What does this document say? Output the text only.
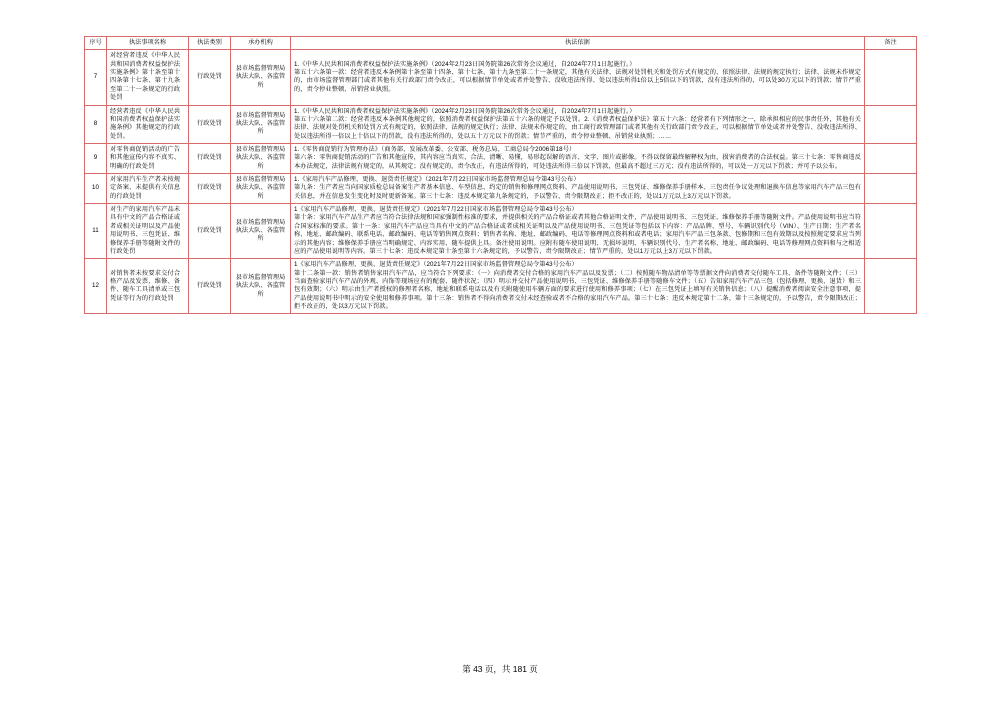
序号	执法事项名称	执法类别	承办机构	执法依据	备注
7	对经营者违反《中华人民共和国消费者权益保护法实施条例》第十条至第十四条第十七条、第十九条至第二十一条规定的行政处罚	行政处罚	县市场监督管理局执法大队、各监管所	1.《中华人民共和国消费者权益保护法实施条例》（2024年2月23日国务院第26次常务会议通过，自2024年7月1日起施行。）

第五十六条第一款：经营者违反本条例第十条至第十四条、第十七条、第十九条至第二十一条规定，其他有关法律、法规对处罚机关和处罚方式有规定的，依照法律、法规的规定执行；法律、法规未作规定的，由市场监督管理部门或者其他有关行政部门责令改正，可以根据情节单处或者并处警告、没收违法所得、处以违法所得1倍以上5倍以下的罚款，没有违法所得的，可以处30万元以下的罚款；情节严重的，责令停业整顿、吊销营业执照。	

8	经营者违反《中华人民共和国消费者权益保护法实施条例》其他规定的行政处罚。	行政处罚	县市场监督管理局执法大队、各监管所	1.《中华人民共和国消费者权益保护法实施条例》（2024年2月23日国务院第26次常务会议通过，自2024年7月1日起施行。）

第五十六条第二款：经营者违反本条例其他规定的，依照消费者权益保护法第五十六条的规定予以处罚。2.《消费者权益保护法》第五十六条：经营者有下列情形之一，除承担相应的民事责任外，其他有关法律、法规对处罚机关和处罚方式有规定的，依照法律、法规的规定执行；法律、法规未作规定的，由工商行政管理部门或者其他有关行政部门责令改正，可以根据情节单处或者并处警告、没收违法所得、处以违法所得一倍以上十倍以下的罚款，没有违法所得的，处以五十万元以下的罚款；情节严重的，责令停业整顿、吊销营业执照；……	

9	对零售商促销活动的广告和其他宣传内容不真实、明确的行政处罚	行政处罚	县市场监督管理局执法大队、各监管所	1.《零售商促销行为管理办法》（商务部、发展改革委、公安部、税务总局、工商总局令2006第18号）

第六条：零售商促销活动的广告和其他宣传，其内容应当真实、合法、清晰、易懂，易形起误解的语言、文字、图片或影像。不得以保留最终解释权为由，损害消费者的合法权益。第三十七条：零售商违反本办法规定，法律法规有规定的，从其规定；没有规定的，责令改正，有违法所得的，可处违法所得三倍以下罚款，但最高不超过三万元；没有违法所得的，可以处一万元以下罚款；并可予以公布。	

10	对家用汽车生产者未按规定备案、未提供有关信息的行政处罚	行政处罚	县市场监督管理局执法大队、各监管所	1.《家用汽车产品修理、更换、退货责任规定》（2021年7月22日国家市场监督管理总局令第43号公布）

第九条：生产者应当向国家质检总局备案生产者基本信息、车型信息、约定的销售和修理网点资料、产品使用说明书、三包凭证、维修保养手册样本、三包责任争议处理和退换车信息等家用汽车产品三包有关信息，并在信息发生变化时及时更新备案。第三十七条：违反本规定第九条规定的，予以警告，责令限期改正；拒不改正的，处以1万元以上3万元以下罚款。	

11	对生产的家用汽车产品未具有中文的产品合格证或者成相关证明以及产品使用说明书、三包凭证、维修保养手册等随附文件的行政处罚	行政处罚	县市场监督管理局执法大队、各监管所	1《家用汽车产品修理、更换、退货责任规定》（2021年7月22日国家市场监督管理总局令第43号公布）

第十条：家用汽车产品生产者应当符合法律法规和国家强制性标准的要求，并提供相关的产品合格证或者其他合格证明文件，产品使用说明书、三包凭证、维修保养手册等随附文件。产品使用说明书应当符合国家标准的要求。第十一条：家用汽车产品应当具有中文的产品合格证或者成相关证明以及产品使用说明书、三包凭证等包括以下内容：产品品牌、型号、车辆识别代号（VIN）、生产日期；生产者名称、地址、邮政编码、联系电话、邮政编码、电话等销售网点资料；销售者名称、地址、邮政编码、电话等修理网点资料和或者电话；家用汽车产品三包条款、包修期和三包有效期以及按照规定要求应当列示的其他内容；维修保养手册应当明确规定、内容实用、随车提供上具。备注使用说明。应附有随车使用说明、无损坏说明、车辆识别代号、生产者名称、地址、邮政编码、电话等修理网点资料和与之相适应的产品使用说明等内容。第三十七条：违反本规定第十条至第十六条规定的，予以警告，责令限期改正；情节严重的，处以1万元以上3万元以下罚款。	

12	对销售者未按要求交付合格产品及发票、维修、备件、随车工具清单或三包凭证等行为的行政处罚	行政处罚	县市场监督管理局执法大队、各监管所	1《家用汽车产品修理、更换、退货责任规定》（2021年7月22日国家市场监督管理总局令第43号公布）

第十二条第一款：销售者销售家用汽车产品，应当符合下列要求：（一）向消费者交付合格的家用汽车产品以及发票；（二）按照随车物品清单等等票据文件向消费者交付随车工具、备件等随附文件；（三）当面查验家用汽车产品的外观、内饰等现场应有的配套、随件状况；（四）明示并交付产品使用说明书、三包凭证、维修保养手册等随修车文件；（五）告知家用汽车产品三包（包括修理、更换、退货）和三包有效期；（六）明示由生产者授权的修理者名称、地址和联系电话以及有关附随使用车辆方面的要求进行使用和修养事项；（七）在三包凭证上填写有关销售信息；（八）提醒消费者阅读安全注意事项，提产品使用说明书中明示的安全使用和修养事项。第十三条：销售者不得向消费者交付未经查验或者不合格的家用汽车产品。第三十七条：违反本规定第十二条、第十三条规定的，予以警告，责令限期改正；拒不改正的，处以3万元以下罚款。	

第 43 页，共 181 页
